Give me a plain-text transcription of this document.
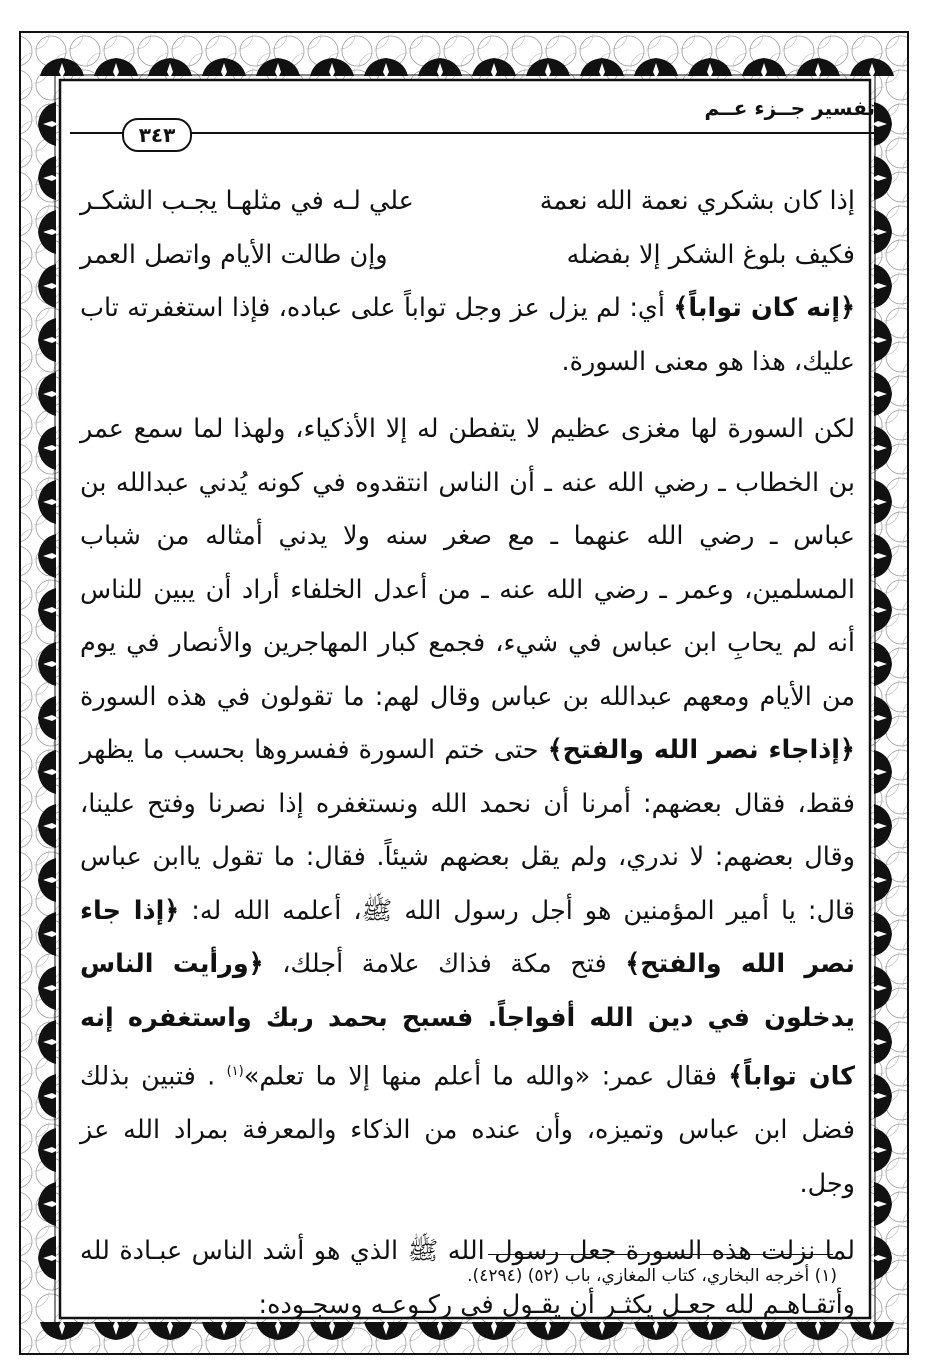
تفسير جــزء عــم
٣٤٣
إذا كان بشكري نعمة الله نعمة
علي لـه في مثلهـا يجـب الشكـر
فكيف بلوغ الشكر إلا بفضله
وإن طالت الأيام واتصل العمر

﴿إنه كان تواباً﴾ أي: لم يزل عز وجل تواباً على عباده، فإذا استغفرته تاب عليك، هذا هو معنى السورة.

لكن السورة لها مغزى عظيم لا يتفطن له إلا الأذكياء، ولهذا لما سمع عمر بن الخطاب ـ رضي الله عنه ـ أن الناس انتقدوه في كونه يُدني عبدالله بن عباس ـ رضي الله عنهما ـ مع صغر سنه ولا يدني أمثاله من شباب المسلمين، وعمر ـ رضي الله عنه ـ من أعدل الخلفاء أراد أن يبين للناس أنه لم يحابِ ابن عباس في شيء، فجمع كبار المهاجرين والأنصار في يوم من الأيام ومعهم عبدالله بن عباس وقال لهم: ما تقولون في هذه السورة ﴿إذاجاء نصر الله والفتح﴾ حتى ختم السورة ففسروها بحسب ما يظهر فقط، فقال بعضهم: أمرنا أن نحمد الله ونستغفره إذا نصرنا وفتح علينا، وقال بعضهم: لا ندري، ولم يقل بعضهم شيئاً. فقال: ما تقول ياابن عباس قال: يا أمير المؤمنين هو أجل رسول الله ﷺ، أعلمه الله له: ﴿إذا جاء نصر الله والفتح﴾ فتح مكة فذاك علامة أجلك، ﴿ورأيت الناس يدخلون في دين الله أفواجاً. فسبح بحمد ربك واستغفره إنه كان تواباً﴾ فقال عمر: «والله ما أعلم منها إلا ما تعلم»$^{(١)}$ . فتبين بذلك فضل ابن عباس وتميزه، وأن عنده من الذكاء والمعرفة بمراد الله عز وجل.

لما نزلت هذه السورة جعل رسول الله ﷺ الذي هو أشد الناس عبـادة لله وأتقـاهـم لله جعـل يكثـر أن يقـول في ركـوعـه وسجـوده:

(١) أخرجه البخاري، كتاب المغازي، باب (٥٢) (٤٢٩٤).
